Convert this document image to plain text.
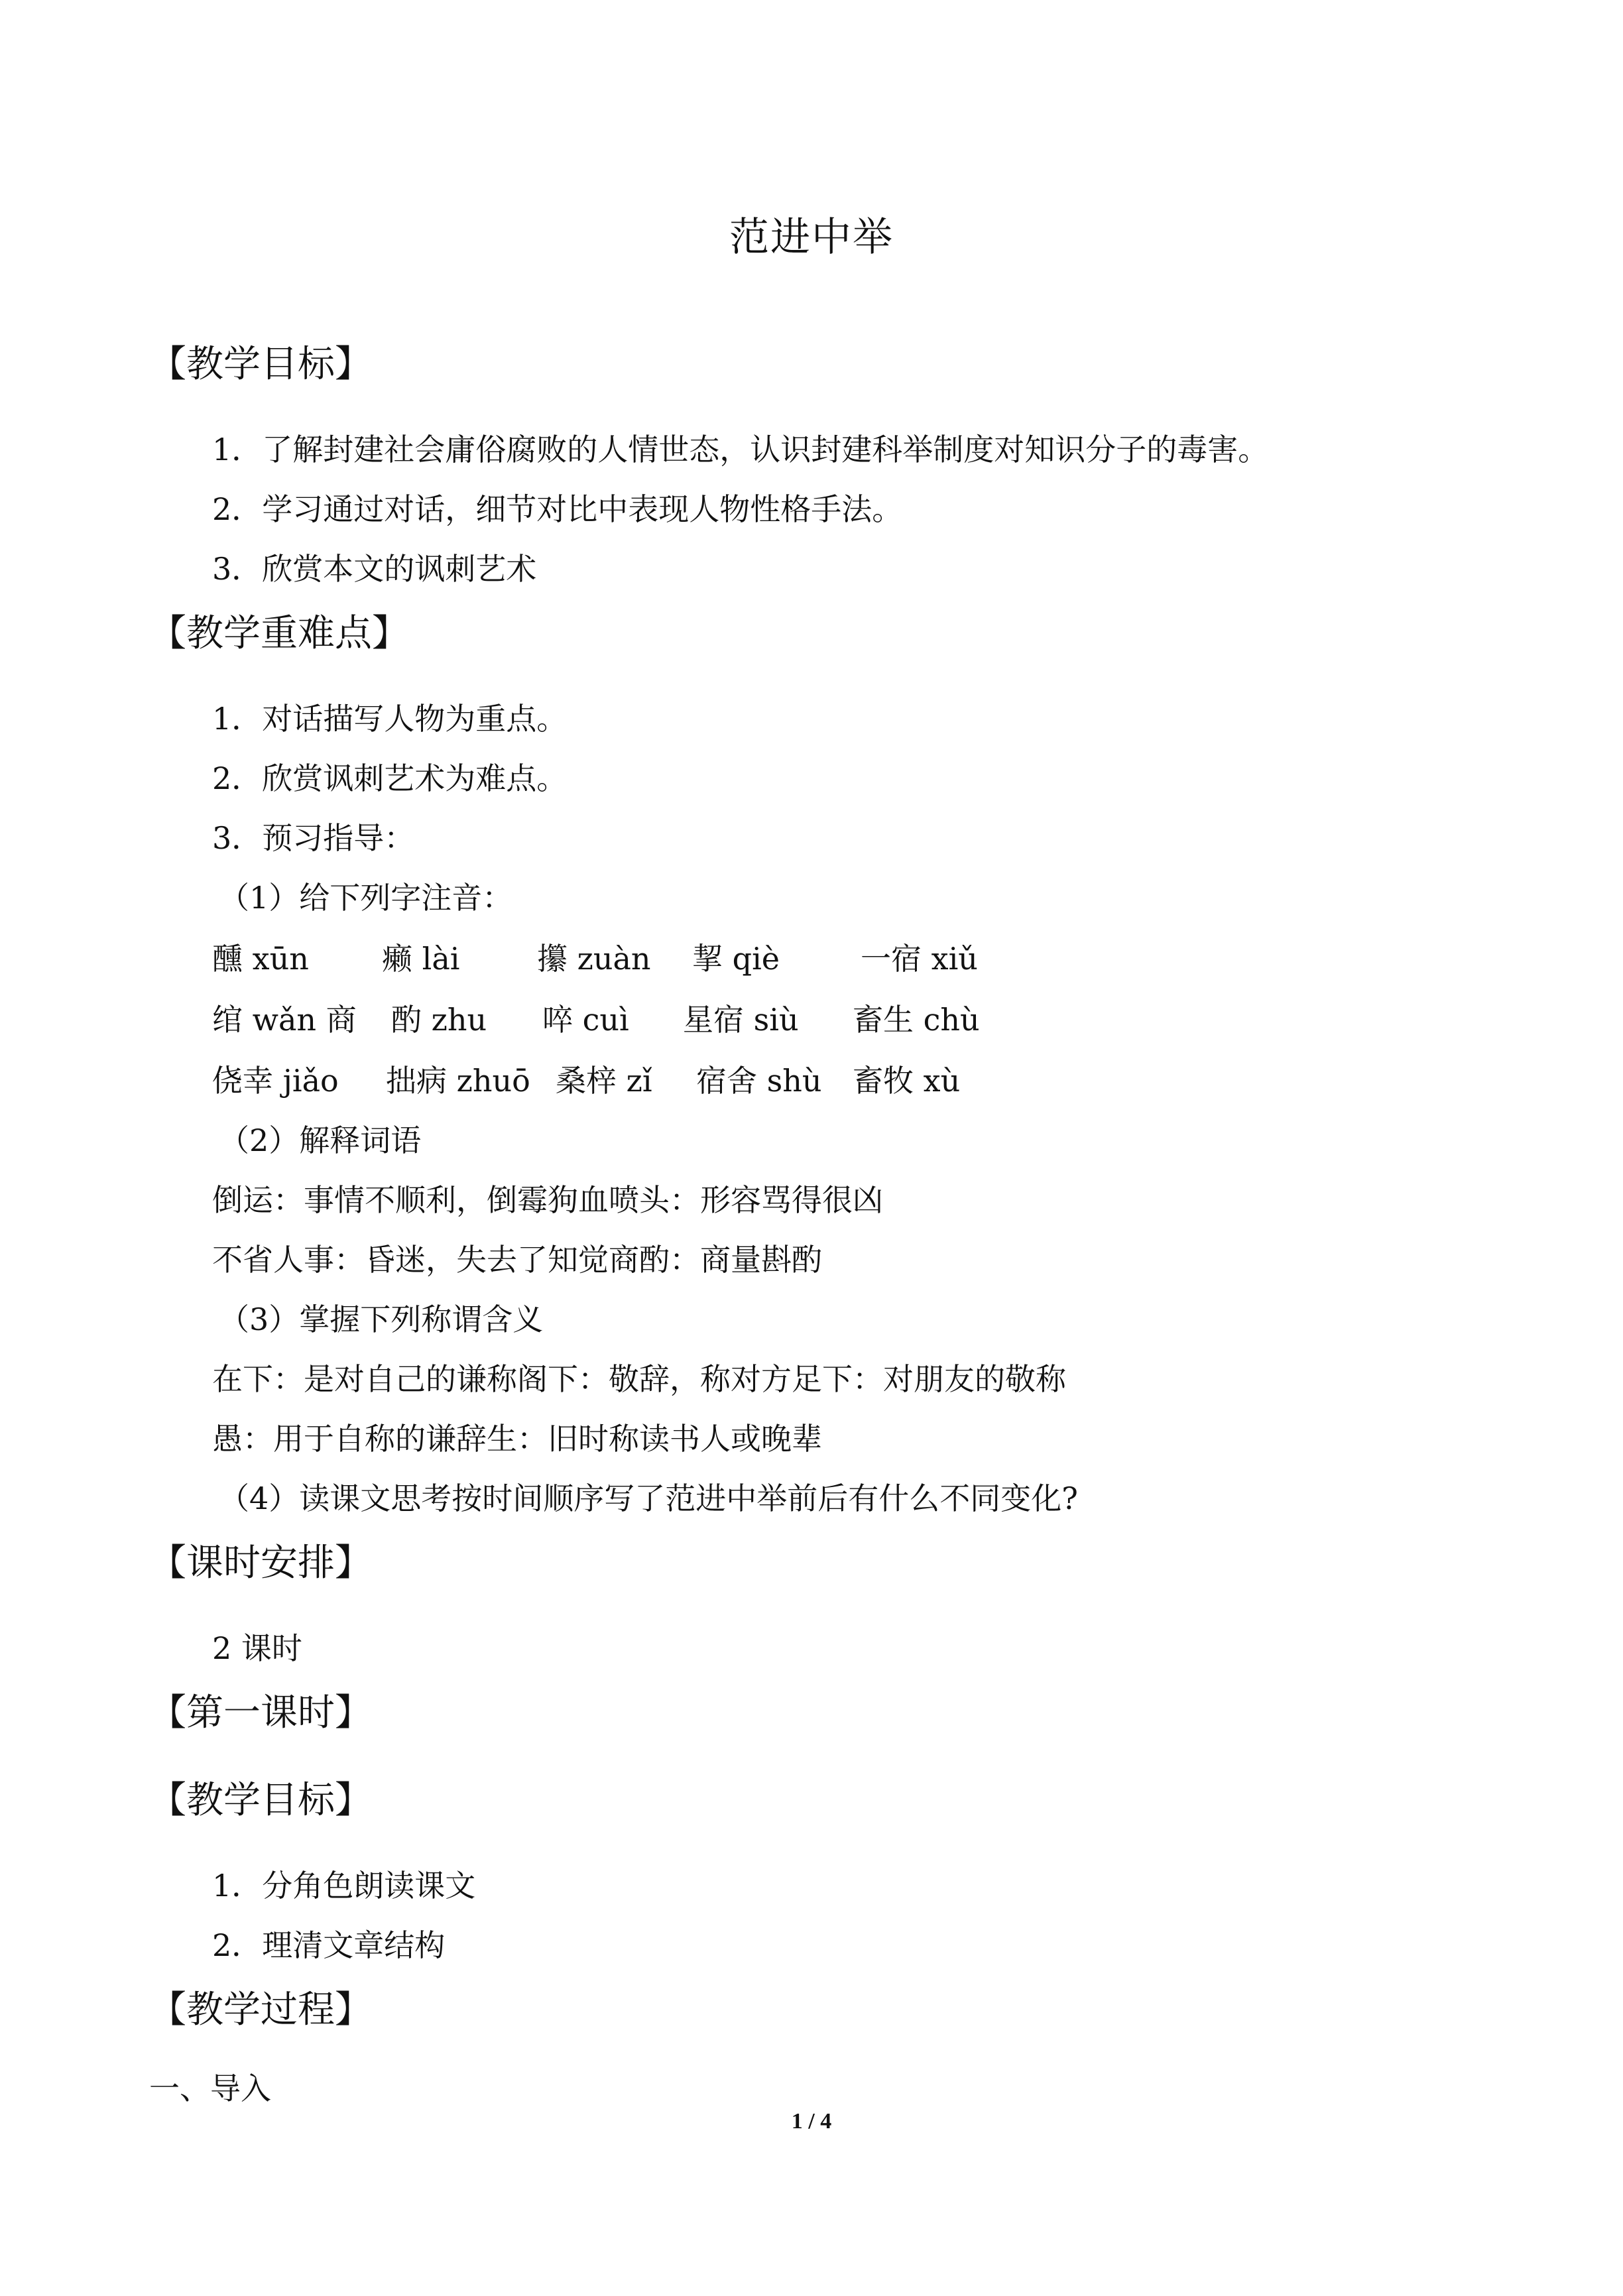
范进中举
【教学目标】
1．了解封建社会庸俗腐败的人情世态，认识封建科举制度对知识分子的毒害。
2．学习通过对话，细节对比中表现人物性格手法。
3．欣赏本文的讽刺艺术
【教学重难点】
1．对话描写人物为重点。
2．欣赏讽刺艺术为难点。
3．预习指导：
（1）给下列字注音：
醺 xūn 癞 lài	攥 zuàn 挈 qiè	一宿 xiǔ
绾 wǎn 商 酌 zhu 啐 cuì 星宿 siù 畜生 chù
侥幸 jiǎo 拙病 zhuō 桑梓 zǐ 宿舍 shù 畜牧 xù
（2）解释词语
倒运：事情不顺利，倒霉狗血喷头：形容骂得很凶
不省人事：昏迷，失去了知觉商酌：商量斟酌
（3）掌握下列称谓含义
在下：是对自己的谦称阁下：敬辞，称对方足下：对朋友的敬称
愚：用于自称的谦辞生：旧时称读书人或晚辈
（4）读课文思考按时间顺序写了范进中举前后有什么不同变化?
【课时安排】
2 课时
【第一课时】
【教学目标】
1．分角色朗读课文
2．理清文章结构
【教学过程】
一、导入
1 / 4
